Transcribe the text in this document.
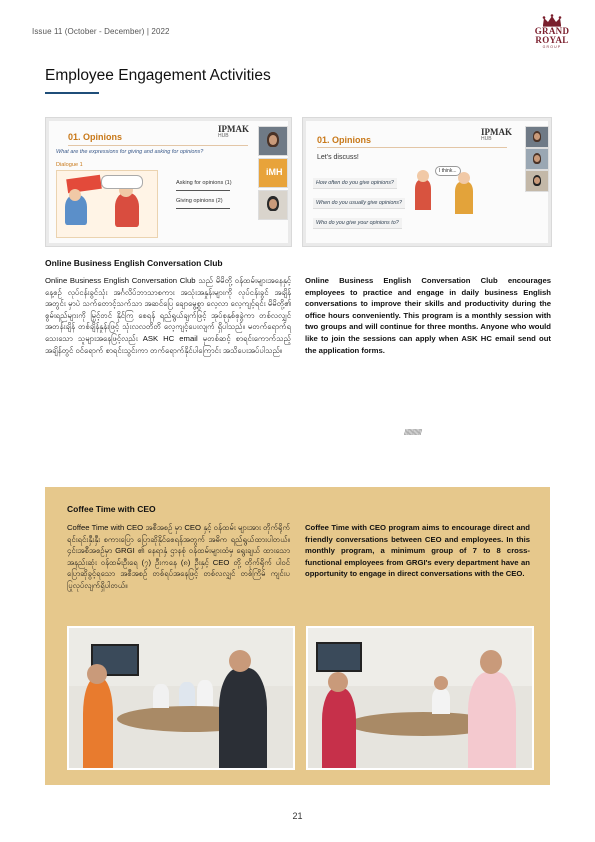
Issue 11 (October - December) | 2022	GRAND
ROYAL
GROUP
Employee Engagement Activities
01. Opinions
What are the expressions for giving and asking for opinions?
Dialogue 1
Asking for opinions (1)
Giving opinions (2)
IPMAK
HUB
iMH
01. Opinions
Let's discuss!
How often do you give opinions?
When do you usually give opinions?
Who do you give your opinions to?
I think...
IPMAK
HUB
Online Business English Conversation Club
Online Business English Conversation Club သည် မိမိတို့ ဝန်ထမ်းများအနေနှင့် နေ့စဉ် လုပ်ငန်းခွင်သုံး အင်္ဂလိပ်ဘာသာစကား အသုံးအနှုန်းများကို လုပ်ငန်းခွင် အချိန်အတွင်း မှာပဲ သက်တောင့်သက်သာ အဆင်ပြေ ချောမွေ့စွာ လေ့လာ လေ့ကျင့်ရင်း မိမိတို့၏ စွမ်းရည်များကို မြှင့်တင် နိုင်ကြ စေရန် ရည်ရွယ်ချက်ဖြင့် အုပ်စုနှစ်စုခွဲကာ တစ်လလျှင် အတန်းချိန် တစ်ချိန်နှုန်းဖြင့် သုံးလလတိတိ လေ့ကျင့်ပေးလျက် ရှိပါသည်။ မတက်ရောက်ရသေးသော သူများအနေဖြင့်လည်း ASK HC email မှတစ်ဆင့် စာရင်းကောက်သည့် အချိန်တွင် ဝင်ရောက် စာရင်းသွင်းကာ တက်ရောက်နိုင်ပါကြောင်း အသိပေးအပ်ပါသည်။
Online Business English Conversation Club encourages employees to practice and engage in daily business English conversations to improve their skills and productivity during the office hours conveniently. This program is a monthly session with two groups and will continue for three months. Anyone who would like to join the sessions can apply when ASK HC email send out the application forms.
//////////////
Coffee Time with CEO
Coffee Time with CEO အစီအစဉ် မှာ CEO နှင့် ဝန်ထမ်း များအား တိုက်ရိုက် ရင်းရင်းနှီးနှီး စကားပြော ပြောဆိုနိုင်စေရန်အတွက် အဓိက ရည်ရွယ်ထားပါတယ်။ ၄င်းအစီအစဉ်မှာ GRGI ၏ နေရာနှံ ဌာနစုံ ဝန်ထမ်းများထံမှ ရွေးချယ် ထားသော အနည်းဆုံး ဝန်ထမ်းဦးရေ (၇) ဦးကနေ (၈) ဦးနှင့် CEO တို့ တိုက်ရိုက် ပါဝင်ပြောဆိုခွင့်ရသော အစီအစဉ် တစ်ရပ်အနေဖြင့် တစ်လလျှင် တစ်ကြိမ် ကျင်းပပြုလုပ်လျက်ရှိပါတယ်။
Coffee Time with CEO program aims to encourage direct and friendly conversations between CEO and employees. In this monthly program, a minimum group of 7 to 8 cross-functional employees from GRGI's every department have an opportunity to engage in direct conversations with the CEO.
21
